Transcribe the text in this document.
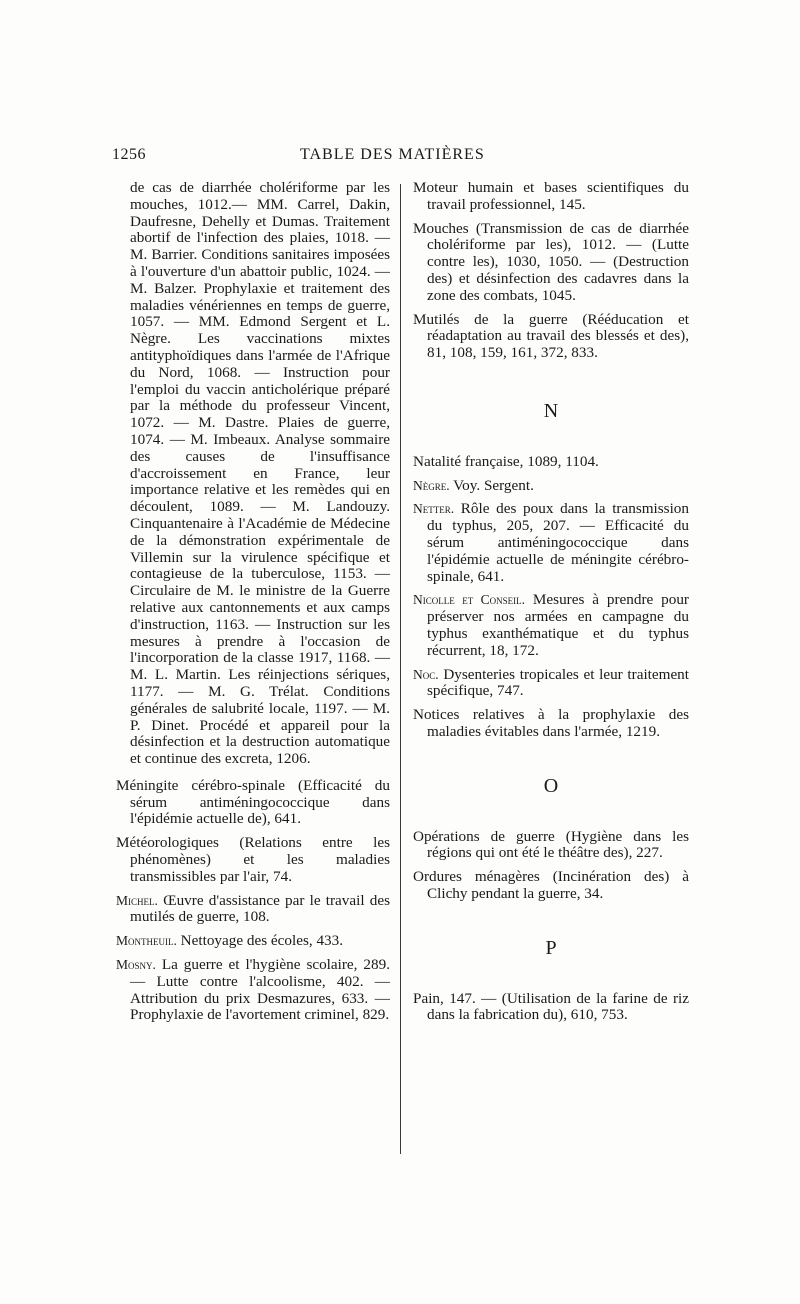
1256	TABLE DES MATIÈRES

de cas de diarrhée cholériforme par les mouches, 1012.— MM. Carrel, Dakin, Daufresne, Dehelly et Dumas. Traitement abortif de l'infection des plaies, 1018. — M. Barrier. Conditions sanitaires imposées à l'ouverture d'un abattoir public, 1024. — M. Balzer. Prophylaxie et traitement des maladies vénériennes en temps de guerre, 1057. — MM. Edmond Sergent et L. Nègre. Les vaccinations mixtes antityphoïdiques dans l'armée de l'Afrique du Nord, 1068. — Instruction pour l'emploi du vaccin anticholérique préparé par la méthode du professeur Vincent, 1072. — M. Dastre. Plaies de guerre, 1074. — M. Imbeaux. Analyse sommaire des causes de l'insuffisance d'accroissement en France, leur importance relative et les remèdes qui en découlent, 1089. — M. Landouzy. Cinquantenaire à l'Académie de Médecine de la démonstration expérimentale de Villemin sur la virulence spécifique et contagieuse de la tuberculose, 1153. — Circulaire de M. le ministre de la Guerre relative aux cantonnements et aux camps d'instruction, 1163. — Instruction sur les mesures à prendre à l'occasion de l'incorporation de la classe 1917, 1168. — M. L. Martin. Les réinjections sériques, 1177. — M. G. Trélat. Conditions générales de salubrité locale, 1197. — M. P. Dinet. Procédé et appareil pour la désinfection et la destruction automatique et continue des excreta, 1206.

Méningite cérébro-spinale (Efficacité du sérum antiméningococcique dans l'épidémie actuelle de), 641.

Météorologiques (Relations entre les phénomènes) et les maladies transmissibles par l'air, 74.

Michel. Œuvre d'assistance par le travail des mutilés de guerre, 108.

Montheuil. Nettoyage des écoles, 433.

Mosny. La guerre et l'hygiène scolaire, 289. — Lutte contre l'alcoolisme, 402. — Attribution du prix Desmazures, 633. — Prophylaxie de l'avortement criminel, 829.

Moteur humain et bases scientifiques du travail professionnel, 145.

Mouches (Transmission de cas de diarrhée cholériforme par les), 1012. — (Lutte contre les), 1030, 1050. — (Destruction des) et désinfection des cadavres dans la zone des combats, 1045.

Mutilés de la guerre (Rééducation et réadaptation au travail des blessés et des), 81, 108, 159, 161, 372, 833.

N

Natalité française, 1089, 1104.

Nègre. Voy. Sergent.

Netter. Rôle des poux dans la transmission du typhus, 205, 207. — Efficacité du sérum antiméningococcique dans l'épidémie actuelle de méningite cérébro-spinale, 641.

Nicolle et Conseil. Mesures à prendre pour préserver nos armées en campagne du typhus exanthématique et du typhus récurrent, 18, 172.

Noc. Dysenteries tropicales et leur traitement spécifique, 747.

Notices relatives à la prophylaxie des maladies évitables dans l'armée, 1219.

O

Opérations de guerre (Hygiène dans les régions qui ont été le théâtre des), 227.

Ordures ménagères (Incinération des) à Clichy pendant la guerre, 34.

P

Pain, 147. — (Utilisation de la farine de riz dans la fabrication du), 610, 753.
